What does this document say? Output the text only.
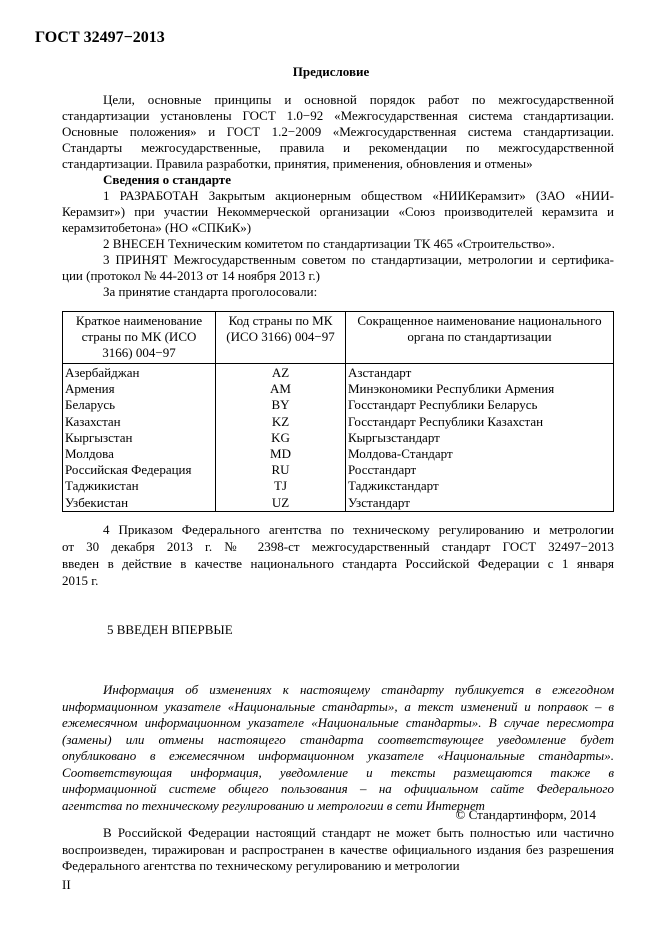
ГОСТ 32497−2013
Предисловие
Цели, основные принципы и основной порядок работ по межгосударственной
стандартизации установлены ГОСТ 1.0−92 «Межгосударственная система стандартизации.
Основные положения» и ГОСТ 1.2−2009 «Межгосударственная система стандартизации.
Стандарты межгосударственные, правила и рекомендации по межгосударственной
стандартизации. Правила разработки, принятия, применения, обновления и отмены»
Сведения о стандарте
1 РАЗРАБОТАН Закрытым акционерным обществом «НИИКерамзит» (ЗАО «НИИ-
Керамзит») при участии Некоммерческой организации «Союз производителей керамзита и
керамзитобетона» (НО «СПКиК»)
2 ВНЕСЕН Техническим комитетом по стандартизации ТК 465 «Строительство».
3 ПРИНЯТ Межгосударственным советом по стандартизации, метрологии и сертифика-
ции (протокол № 44-2013 от 14 ноября 2013 г.)
За принятие стандарта проголосовали:
Краткое наименование страны по МК (ИСО 3166) 004−97	Код страны по МК (ИСО 3166) 004−97	Сокращенное наименование национального органа по стандартизации
Азербайджан	AZ	Азстандарт
Армения	AM	Минэкономики Республики Армения
Беларусь	BY	Госстандарт Республики Беларусь
Казахстан	KZ	Госстандарт Республики Казахстан
Кыргызстан	KG	Кыргызстандарт
Молдова	MD	Молдова-Стандарт
Российская Федерация	RU	Росстандарт
Таджикистан	TJ	Таджикстандарт
Узбекистан	UZ	Узстандарт
4 Приказом Федерального агентства по техническому регулированию и метрологии
от 30 декабря 2013 г. № 2398-ст межгосударственный стандарт ГОСТ 32497−2013
введен в действие в качестве национального стандарта Российской Федерации с 1 января
2015 г.
5 ВВЕДЕН ВПЕРВЫЕ
Информация об изменениях к настоящему стандарту публикуется в ежегодном
информационном указателе «Национальные стандарты», а текст изменений и поправок – в
ежемесячном информационном указателе «Национальные стандарты». В случае пересмотра
(замены) или отмены настоящего стандарта соответствующее уведомление будет
опубликовано в ежемесячном информационном указателе «Национальные стандарты».
Соответствующая информация, уведомление и тексты размещаются также в
информационной системе общего пользования – на официальном сайте Федерального
агентства по техническому регулированию и метрологии в сети Интернет
© Стандартинформ, 2014
В Российской Федерации настоящий стандарт не может быть полностью или частично
воспроизведен, тиражирован и распространен в качестве официального издания без разрешения
Федерального агентства по техническому регулированию и метрологии
II
